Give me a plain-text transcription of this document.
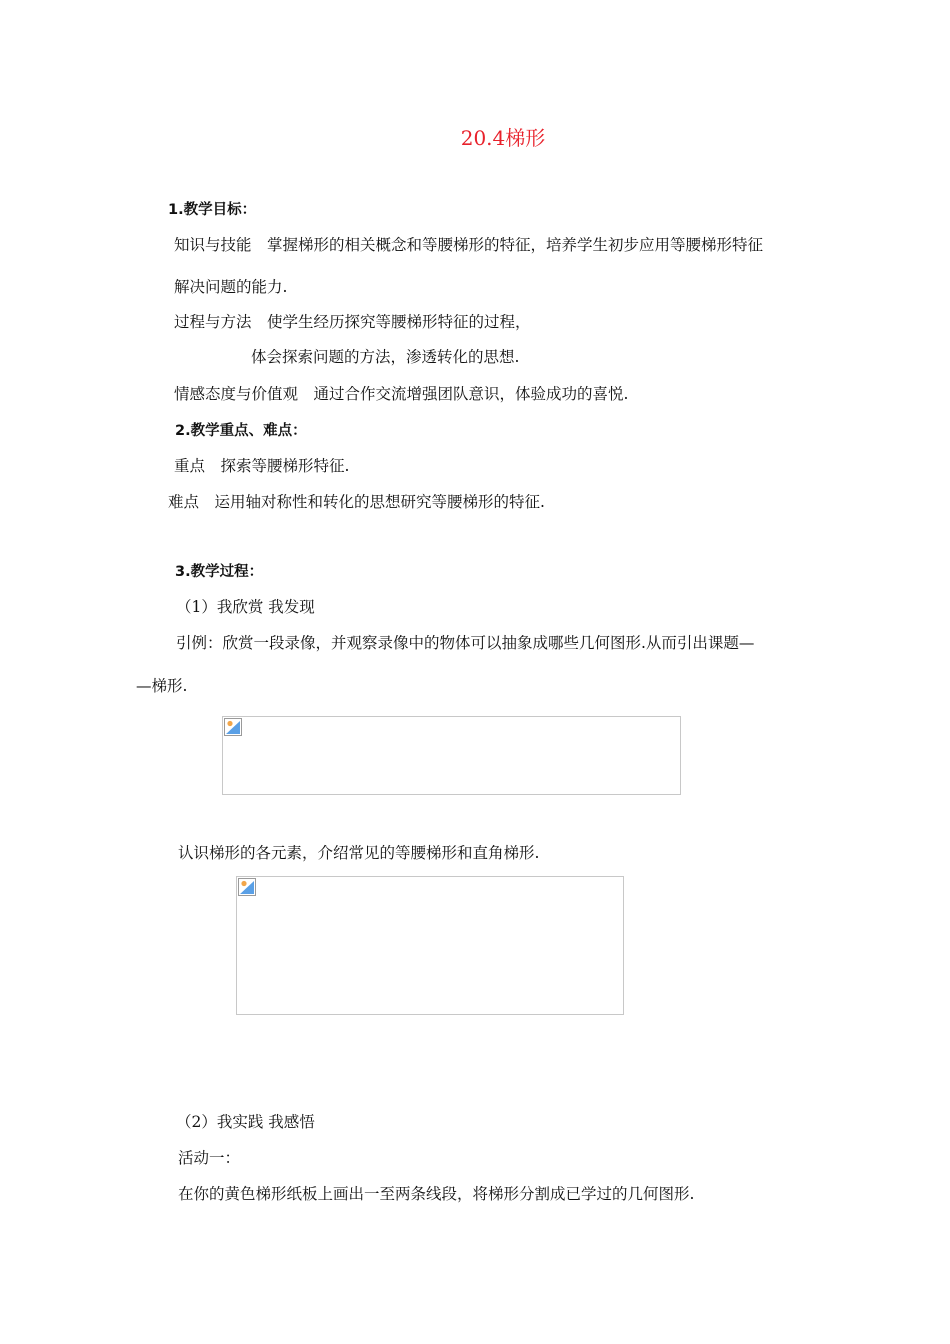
20.4梯形
1.教学目标：
知识与技能　掌握梯形的相关概念和等腰梯形的特征，培养学生初步应用等腰梯形特征
解决问题的能力.
过程与方法　使学生经历探究等腰梯形特征的过程，
体会探索问题的方法，渗透转化的思想.
情感态度与价值观　通过合作交流增强团队意识，体验成功的喜悦.
2.教学重点、难点：
重点　探索等腰梯形特征.
难点　运用轴对称性和转化的思想研究等腰梯形的特征.
3.教学过程：
（1）我欣赏 我发现
引例：欣赏一段录像，并观察录像中的物体可以抽象成哪些几何图形.从而引出课题—
—梯形.
认识梯形的各元素，介绍常见的等腰梯形和直角梯形.
（2）我实践 我感悟
活动一：
在你的黄色梯形纸板上画出一至两条线段，将梯形分割成已学过的几何图形.
